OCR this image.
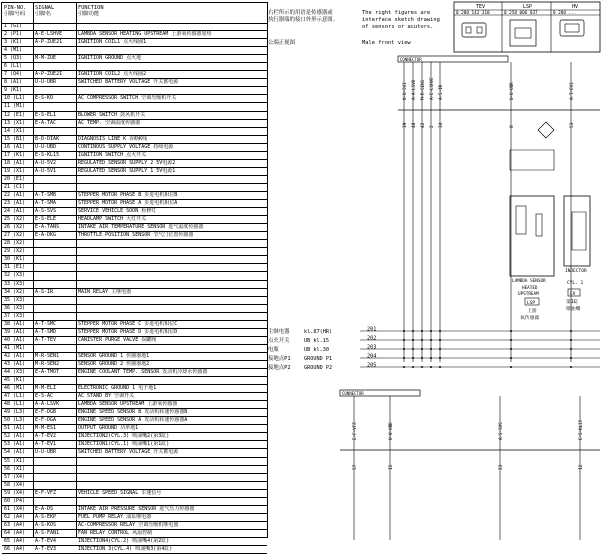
PIN-NO.
引脚号码
SIGNAL
引脚名
FUNCTION
引脚功能
1 (G1)
2 (P1)	A-E-LSHVE	LAMBDA SENSOR HEATING UPSTREAM 上游氧传感器加热
3 (K1)	A-P-ZUE21	IGNITION COIL1 点火线圈1
4 (M1)
5 (Q3)	M-M-ZUE	IGNITION GROUND 点火地
6 (L1)
7 (Q4)	A-P-ZUE2I	IGNITION COIL2 点火线圈2
8 (A1)	U-U-UBR	SWITCHED BATTERY VOLTAGE 开关蓄电源
9 (K1)
10 (L1)	E-S-KO	AC COMPRESSOR SWITCH 空调压缩机开关
11 (M1)
12 (E1)	E-S-EL1	BLOWER SWITCH 鼓风机开关
13 (X1)	E-A-TAC	AC TEMP. 空调温度传感器
14 (X1)
15 (B1)	B-D-DIAK	DIAGNOSIS LINE K 诊断K线
16 (A1)	U-U-UBD	CONTINOUS SUPPLY VOLTAGE 持续电源
17 (K1)	E-S-KL15	IGNITION SWITCH 点火开关
18 (A1)	A-U-5V2	REGULATED SENSOR SUPPLY 2 5V电源2
19 (X1)	A-U-5V1	REGULATED SENSOR SUPPLY 1 5V电源1
20 (E1)
21 (C1)
22 (A1)	A-T-SMB	STEPPER MOTOR PHASE B 步进电机相位B
23 (A1)	A-T-SMA	STEPPER MOTOR PHASE A 步进电机相位A
24 (A1)	A-S-SVS	SERVICE VEHICLE SOON 检修灯
25 (X2)	E-S-ELE	HEADLAMP SWITCH 大灯开关
26 (X2)	E-A-TANS	INTAKE AIR TEMPERATURE SENSOR 进气温度传感器
27 (X2)	E-A-DKG	THROTTLE POSITION SENSOR 节气门位置传感器
28 (X2)
29 (X2)
30 (K1)
31 (E1)
32 (X3)
33 (X3)
34 (X2)	A-S-IR	MAIN RELAY 主继电器
35 (X3)
36 (X3)
37 (X3)
38 (A1)	A-T-SMC	STEPPER MOTOR PHASE C 步进电机相位C
39 (A1)	A-T-SMD	STEPPER MOTOR PHASE D 步进电机相位D
40 (A1)	A-T-TEV	CANISTER PURGE VALVE 炭罐阀
41 (M1)
42 (A1)	M-R-SEN1	SENSOR GROUND 1 传感器地1
43 (A1)	M-R-SEN2	SENSOR GROUND 2 传感器地2
44 (X3)	E-A-TMOT	ENGINE COOLANT TEMP. SENSOR 发动机冷却水传感器
45 (K1)
46 (M1)	M-M-ELI	ELECTRONIC GROUND 1 电子地1
47 (L1)	E-S-AC	AC STAND BY 空调开关
48 (L1)	A-A-LSVK	LAMBDA SENSOR UPSTREAM 上游氧传感器
49 (L3)	E-F-DGB	ENGINE SPEED SENSOR B 发动机转速传感器B
50 (L3)	E-F-DGA	ENGINE SPEED SENSOR A 发动机转速传感器A
51 (A1)	M-M-ES1	OUTPUT GROUND 功率地1
52 (A1)	A-T-EV2	INJECTION2(CYL.3) 喷油嘴2(第3缸)
53 (A1)	A-T-EV1	INJECTION1(CYL.1) 喷油嘴1(第1缸)
54 (A1)	U-U-UBR	SWITCHED BATTERY VOLTAGE 开关蓄电源
55 (X1)
56 (X1)
57 (X4)
58 (X4)
59 (X4)	E-F-VFZ	VEHICLE SPEED SIGNAL 车速信号
60 (P4)
61 (X4)	E-A-DS	INTAKE AIR PRESSURE SENSOR 进气压力传感器
62 (A4)	A-S-EKP	FUEL PUMP RELAY 油泵继电器
63 (A4)	A-S-KOS	AC-COMPRESSOR RELAY 空调压缩机继电器
64 (A4)	A-S-FAN1	FAN RELAY CONTROL 风扇控制
65 (A4)	A-T-EV4	INJECTION4(CYL.2) 喷油嘴4(第2缸)
66 (A4)	A-T-EV3	INJECTION 3(CYL.4) 喷油嘴3(第4缸)
右栏所示的用语是传感器或
执行器端的接口外形示意图。
The right figures are
interface sketch drawing
of sensors or acutors.
公端正视图	Male front view
TEV	LSP	HV
0 280 142 310	0 258 006 037	0 280 ...
CONNECTOR
U-U-5V1
19
A-A-LSVK
48
M-R-SEN1
42
A-E-LSHVE
2
A-S-IR
34
U-U-UBR
8
A-T-EV1
53
LAMBDA SENSOR
HEATED
UPSTREAM
LSP
上游
氧传感器
INJECTOR
CYL. 1
EV
第1缸
喷油嘴
主继电器	kl.87(HR)	201
点火开关	UB kl.15	202
电瓶	UB kl.30	203
接地点P1	GROUND P1	204
接地点P2	GROUND P2	205
CONNECTOR
E-F-VFZ
57
U-U-UBD
15
A-S-SVS
23
E-S-KL15
12
